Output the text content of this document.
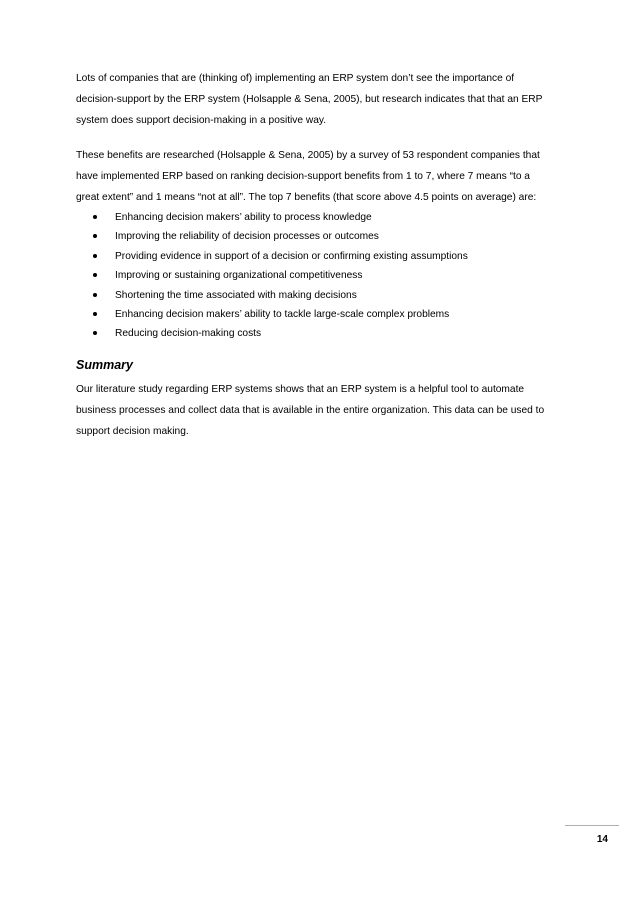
Lots of companies that are (thinking of) implementing an ERP system don’t see the importance of decision-support by the ERP system (Holsapple & Sena, 2005), but research indicates that that an ERP system does support decision-making in a positive way.

These benefits are researched (Holsapple & Sena, 2005) by a survey of 53 respondent companies that have implemented ERP based on ranking decision-support benefits from 1 to 7, where 7 means “to a great extent” and 1 means “not at all”. The top 7 benefits (that score above 4.5 points on average) are:

Enhancing decision makers’ ability to process knowledge
Improving the reliability of decision processes or outcomes
Providing evidence in support of a decision or confirming existing assumptions
Improving or sustaining organizational competitiveness
Shortening the time associated with making decisions
Enhancing decision makers’ ability to tackle large-scale complex problems
Reducing decision-making costs
Summary

Our literature study regarding ERP systems shows that an ERP system is a helpful tool to automate business processes and collect data that is available in the entire organization. This data can be used to support decision making.

14
